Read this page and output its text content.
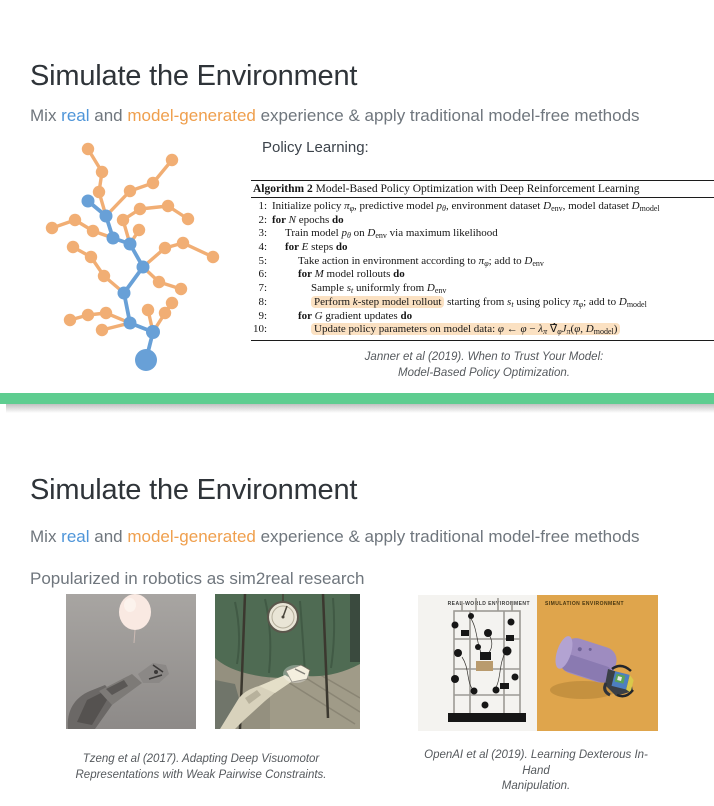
Simulate the Environment

Mix real and model-generated experience & apply traditional model-free methods

Policy Learning:
Algorithm 2 Model-Based Policy Optimization with Deep Reinforcement Learning
1: Initialize policy πφ, predictive model pθ, environment dataset Denv, model dataset Dmodel
2: for N epochs do
3: Train model pθ on Denv via maximum likelihood
4: for E steps do
5:	Take action in environment according to πφ; add to Denv
6:	for M model rollouts do
7:	Sample st uniformly from Denv
8:	Perform k-step model rollout starting from st using policy πφ; add to Dmodel
9:	for G gradient updates do
10:	Update policy parameters on model data: φ ← φ − λπ ∇̂φJπ(φ, Dmodel)
Janner et al (2019). When to Trust Your Model:
Model-Based Policy Optimization.
Simulate the Environment

Mix real and model-generated experience & apply traditional model-free methods

Popularized in robotics as sim2real research

REAL-WORLD ENVIRONMENT	SIMULATION ENVIRONMENT
Tzeng et al (2017). Adapting Deep Visuomotor
Representations with Weak Pairwise Constraints.
OpenAI et al (2019). Learning Dexterous In-Hand
Manipulation.
